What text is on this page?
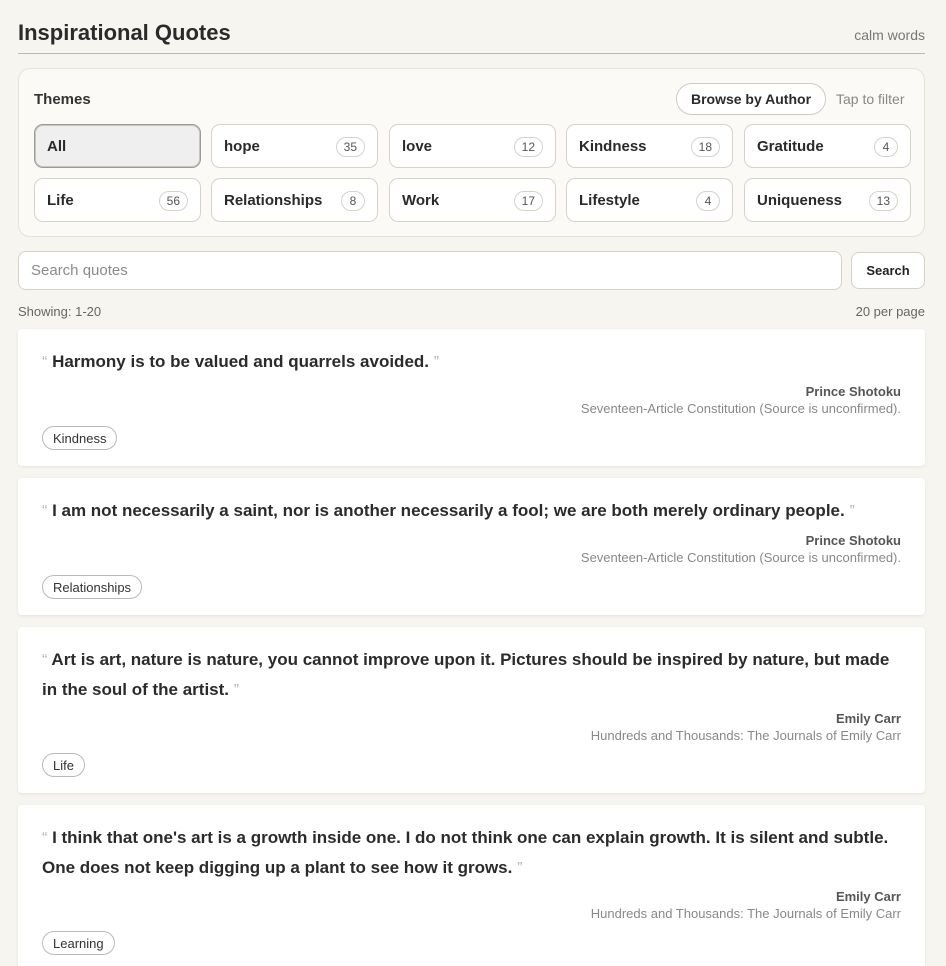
Inspirational Quotes	calm words
Themes	Browse by Author	Tap to filter
All	hope	35	love	12	Kindness	18	Gratitude	4
Life	56	Relationships	8	Work	17	Lifestyle	4	Uniqueness	13
Search quotes
Search
Showing: 1-20	20 per page
“ Harmony is to be valued and quarrels avoided. ”
Prince Shotoku
Seventeen-Article Constitution (Source is unconfirmed).
Kindness
“ I am not necessarily a saint, nor is another necessarily a fool; we are both merely ordinary people. ”
Prince Shotoku
Seventeen-Article Constitution (Source is unconfirmed).
Relationships
“ Art is art, nature is nature, you cannot improve upon it. Pictures should be inspired by nature, but made in the soul of the artist. ”
Emily Carr
Hundreds and Thousands: The Journals of Emily Carr
Life
“ I think that one's art is a growth inside one. I do not think one can explain growth. It is silent and subtle. One does not keep digging up a plant to see how it grows. ”
Emily Carr
Hundreds and Thousands: The Journals of Emily Carr
Learning
